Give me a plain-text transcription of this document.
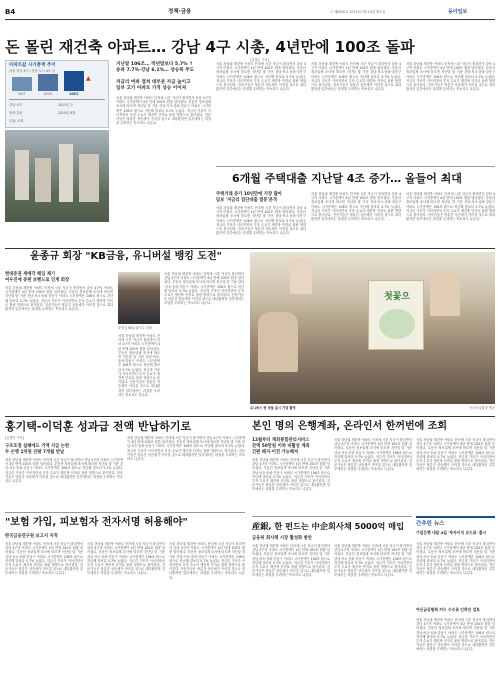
B4	정책·금융	ⓒ 제0000호 2015년 7월 15일 월요일	동아일보
돈 몰린 재건축 아파트… 강남 4구 시총, 4년만에 100조 돌파
[김철수 기자]
아파트값 시가총액 추이
서울 강남 4구 / 강남 도시 4도 등
▲
94조	100조	106조
강남·서초	2015년 초
송파·강동	2015년 6월
단위: 조원
지난달 106조… 작년말보다 5.7% ↑
송파 7.7%·강남 6.1%… 상승폭 주도
저금리 여파 겹쳐 대부분 자금 높이고
일부 고가 아파트 가격 상승 이어져
서울 강남권 재건축 아파트 단지에 시중 자금이 몰리면서 강남 4구의 아파트 시가총액이 4년 만에 100조 원을 넘어섰다. 부동산 정보업체 조사에 따르면 지난달 말 기준 강남·서초·송파·강동구 아파트 시가총액은 106조 원으로 지난해 말보다 5.7% 늘었다. 저금리 기조가 이어지면서 투자 수요가 재건축 단지로 몰린 영향으로 풀이된다. 전문가들은 당분간 상승세가 이어질 것으로 내다봤지만 일부에서는 과열을 우려하는 목소리도 나온다.
서울 강남권 재건축 아파트 단지에 시중 자금이 몰리면서 강남 4구의 아파트 시가총액이 4년 만에 100조 원을 넘어섰다. 부동산 정보업체 조사에 따르면 지난달 말 기준 강남·서초·송파·강동구 아파트 시가총액은 106조 원으로 지난해 말보다 5.7% 늘었다. 저금리 기조가 이어지면서 투자 수요가 재건축 단지로 몰린 영향으로 풀이된다. 전문가들은 당분간 상승세가 이어질 것으로 내다봤지만 일부에서는 과열을 우려하는 목소리도 나온다.
서울 강남권 재건축 아파트 단지에 시중 자금이 몰리면서 강남 4구의 아파트 시가총액이 4년 만에 100조 원을 넘어섰다. 부동산 정보업체 조사에 따르면 지난달 말 기준 강남·서초·송파·강동구 아파트 시가총액은 106조 원으로 지난해 말보다 5.7% 늘었다. 저금리 기조가 이어지면서 투자 수요가 재건축 단지로 몰린 영향으로 풀이된다. 전문가들은 당분간 상승세가 이어질 것으로 내다봤지만 일부에서는 과열을 우려하는 목소리도 나온다.
서울 강남권 재건축 아파트 단지에 시중 자금이 몰리면서 강남 4구의 아파트 시가총액이 4년 만에 100조 원을 넘어섰다. 부동산 정보업체 조사에 따르면 지난달 말 기준 강남·서초·송파·강동구 아파트 시가총액은 106조 원으로 지난해 말보다 5.7% 늘었다. 저금리 기조가 이어지면서 투자 수요가 재건축 단지로 몰린 영향으로 풀이된다. 전문가들은 당분간 상승세가 이어질 것으로 내다봤지만 일부에서는 과열을 우려하는 목소리도 나온다.
6개월 주택대출 지난달 4조 증가… 올들어 최대
주택거래 증가 10년만에 가장 많아
담보 '저금리 집단대출 열풍'본격
서울 강남권 재건축 아파트 단지에 시중 자금이 몰리면서 강남 4구의 아파트 시가총액이 4년 만에 100조 원을 넘어섰다. 부동산 정보업체 조사에 따르면 지난달 말 기준 강남·서초·송파·강동구 아파트 시가총액은 106조 원으로 지난해 말보다 5.7% 늘었다. 저금리 기조가 이어지면서 투자 수요가 재건축 단지로 몰린 영향으로 풀이된다. 전문가들은 당분간 상승세가 이어질 것으로 내다봤지만 일부에서는 과열을 우려하는 목소리도 나온다.
서울 강남권 재건축 아파트 단지에 시중 자금이 몰리면서 강남 4구의 아파트 시가총액이 4년 만에 100조 원을 넘어섰다. 부동산 정보업체 조사에 따르면 지난달 말 기준 강남·서초·송파·강동구 아파트 시가총액은 106조 원으로 지난해 말보다 5.7% 늘었다. 저금리 기조가 이어지면서 투자 수요가 재건축 단지로 몰린 영향으로 풀이된다. 전문가들은 당분간 상승세가 이어질 것으로 내다봤지만 일부에서는 과열을 우려하는 목소리도 나온다.
서울 강남권 재건축 아파트 단지에 시중 자금이 몰리면서 강남 4구의 아파트 시가총액이 4년 만에 100조 원을 넘어섰다. 부동산 정보업체 조사에 따르면 지난달 말 기준 강남·서초·송파·강동구 아파트 시가총액은 106조 원으로 지난해 말보다 5.7% 늘었다. 저금리 기조가 이어지면서 투자 수요가 재건축 단지로 몰린 영향으로 풀이된다. 전문가들은 당분간 상승세가 이어질 것으로 내다봤지만 일부에서는 과열을 우려하는 목소리도 나온다.
윤종규 회장 "KB금융, 유니버설 뱅킹 도전"
현대증권 재매각 해임 제기
여우진에 중편 보헨드로 인계 회장
서울 강남권 재건축 아파트 단지에 시중 자금이 몰리면서 강남 4구의 아파트 시가총액이 4년 만에 100조 원을 넘어섰다. 부동산 정보업체 조사에 따르면 지난달 말 기준 강남·서초·송파·강동구 아파트 시가총액은 106조 원으로 지난해 말보다 5.7% 늘었다. 저금리 기조가 이어지면서 투자 수요가 재건축 단지로 몰린 영향으로 풀이된다. 전문가들은 당분간 상승세가 이어질 것으로 내다봤지만 일부에서는 과열을 우려하는 목소리도 나온다.
윤종규 KB금융지주 회장
서울 강남권 재건축 아파트 단지에 시중 자금이 몰리면서 강남 4구의 아파트 시가총액이 4년 만에 100조 원을 넘어섰다. 부동산 정보업체 조사에 따르면 지난달 말 기준 강남·서초·송파·강동구 아파트 시가총액은 106조 원으로 지난해 말보다 5.7% 늘었다. 저금리 기조가 이어지면서 투자 수요가 재건축 단지로 몰린 영향으로 풀이된다. 전문가들은 당분간 상승세가 이어질 것으로 내다봤지만 일부에서는 과열을 우려하는 목소리도 나온다.
서울 강남권 재건축 아파트 단지에 시중 자금이 몰리면서 강남 4구의 아파트 시가총액이 4년 만에 100조 원을 넘어섰다. 부동산 정보업체 조사에 따르면 지난달 말 기준 강남·서초·송파·강동구 아파트 시가총액은 106조 원으로 지난해 말보다 5.7% 늘었다. 저금리 기조가 이어지면서 투자 수요가 재건축 단지로 몰린 영향으로 풀이된다. 전문가들은 당분간 상승세가 이어질 것으로 내다봤지만 일부에서는 과열을 우려하는 목소리도 나온다.
첫꽃으
유니버스 펀 상품 출시 기념 촬영	아시아나항공 제공
홍기택-이덕훈 성과급 전액 반납하기로
[김정민 기자]
구조조정 실패에도 거액 지급 논란
두 은행 1억원 안팎 7개월 반납
서울 강남권 재건축 아파트 단지에 시중 자금이 몰리면서 강남 4구의 아파트 시가총액이 4년 만에 100조 원을 넘어섰다. 부동산 정보업체 조사에 따르면 지난달 말 기준 강남·서초·송파·강동구 아파트 시가총액은 106조 원으로 지난해 말보다 5.7% 늘었다. 저금리 기조가 이어지면서 투자 수요가 재건축 단지로 몰린 영향으로 풀이된다. 전문가들은 당분간 상승세가 이어질 것으로 내다봤지만 일부에서는 과열을 우려하는 목소리도 나온다.
서울 강남권 재건축 아파트 단지에 시중 자금이 몰리면서 강남 4구의 아파트 시가총액이 4년 만에 100조 원을 넘어섰다. 부동산 정보업체 조사에 따르면 지난달 말 기준 강남·서초·송파·강동구 아파트 시가총액은 106조 원으로 지난해 말보다 5.7% 늘었다. 저금리 기조가 이어지면서 투자 수요가 재건축 단지로 몰린 영향으로 풀이된다. 전문가들은 당분간 상승세가 이어질 것으로 내다봤지만 일부에서는 과열을 우려하는 목소리도 나온다.
본인 명의 은행계좌, 온라인서 한꺼번에 조회
12월부터 계좌통합관리서비스
잔액 50만원 이하 비활성 계좌
간편 해지·이전 가능해져
서울 강남권 재건축 아파트 단지에 시중 자금이 몰리면서 강남 4구의 아파트 시가총액이 4년 만에 100조 원을 넘어섰다. 부동산 정보업체 조사에 따르면 지난달 말 기준 강남·서초·송파·강동구 아파트 시가총액은 106조 원으로 지난해 말보다 5.7% 늘었다. 저금리 기조가 이어지면서 투자 수요가 재건축 단지로 몰린 영향으로 풀이된다. 전문가들은 당분간 상승세가 이어질 것으로 내다봤지만 일부에서는 과열을 우려하는 목소리도 나온다.
서울 강남권 재건축 아파트 단지에 시중 자금이 몰리면서 강남 4구의 아파트 시가총액이 4년 만에 100조 원을 넘어섰다. 부동산 정보업체 조사에 따르면 지난달 말 기준 강남·서초·송파·강동구 아파트 시가총액은 106조 원으로 지난해 말보다 5.7% 늘었다. 저금리 기조가 이어지면서 투자 수요가 재건축 단지로 몰린 영향으로 풀이된다. 전문가들은 당분간 상승세가 이어질 것으로 내다봤지만 일부에서는 과열을 우려하는 목소리도 나온다.
서울 강남권 재건축 아파트 단지에 시중 자금이 몰리면서 강남 4구의 아파트 시가총액이 4년 만에 100조 원을 넘어섰다. 부동산 정보업체 조사에 따르면 지난달 말 기준 강남·서초·송파·강동구 아파트 시가총액은 106조 원으로 지난해 말보다 5.7% 늘었다. 저금리 기조가 이어지면서 투자 수요가 재건축 단지로 몰린 영향으로 풀이된다. 전문가들은 당분간 상승세가 이어질 것으로 내다봤지만 일부에서는 과열을 우려하는 목소리도 나온다.
"보험 가입, 피보험자 전자서명 허용해야"
한국금융연구원 보고서 지적
서울 강남권 재건축 아파트 단지에 시중 자금이 몰리면서 강남 4구의 아파트 시가총액이 4년 만에 100조 원을 넘어섰다. 부동산 정보업체 조사에 따르면 지난달 말 기준 강남·서초·송파·강동구 아파트 시가총액은 106조 원으로 지난해 말보다 5.7% 늘었다. 저금리 기조가 이어지면서 투자 수요가 재건축 단지로 몰린 영향으로 풀이된다. 전문가들은 당분간 상승세가 이어질 것으로 내다봤지만 일부에서는 과열을 우려하는 목소리도 나온다.
서울 강남권 재건축 아파트 단지에 시중 자금이 몰리면서 강남 4구의 아파트 시가총액이 4년 만에 100조 원을 넘어섰다. 부동산 정보업체 조사에 따르면 지난달 말 기준 강남·서초·송파·강동구 아파트 시가총액은 106조 원으로 지난해 말보다 5.7% 늘었다. 저금리 기조가 이어지면서 투자 수요가 재건축 단지로 몰린 영향으로 풀이된다. 전문가들은 당분간 상승세가 이어질 것으로 내다봤지만 일부에서는 과열을 우려하는 목소리도 나온다.
서울 강남권 재건축 아파트 단지에 시중 자금이 몰리면서 강남 4구의 아파트 시가총액이 4년 만에 100조 원을 넘어섰다. 부동산 정보업체 조사에 따르면 지난달 말 기준 강남·서초·송파·강동구 아파트 시가총액은 106조 원으로 지난해 말보다 5.7% 늘었다. 저금리 기조가 이어지면서 투자 수요가 재건축 단지로 몰린 영향으로 풀이된다. 전문가들은 당분간 상승세가 이어질 것으로 내다봤지만 일부에서는 과열을 우려하는 목소리도 나온다.
産銀, 한 펀드는 中企회사채 5000억 매입
금융위 회사채 시장 활성화 방안
서울 강남권 재건축 아파트 단지에 시중 자금이 몰리면서 강남 4구의 아파트 시가총액이 4년 만에 100조 원을 넘어섰다. 부동산 정보업체 조사에 따르면 지난달 말 기준 강남·서초·송파·강동구 아파트 시가총액은 106조 원으로 지난해 말보다 5.7% 늘었다. 저금리 기조가 이어지면서 투자 수요가 재건축 단지로 몰린 영향으로 풀이된다. 전문가들은 당분간 상승세가 이어질 것으로 내다봤지만 일부에서는 과열을 우려하는 목소리도 나온다.
서울 강남권 재건축 아파트 단지에 시중 자금이 몰리면서 강남 4구의 아파트 시가총액이 4년 만에 100조 원을 넘어섰다. 부동산 정보업체 조사에 따르면 지난달 말 기준 강남·서초·송파·강동구 아파트 시가총액은 106조 원으로 지난해 말보다 5.7% 늘었다. 저금리 기조가 이어지면서 투자 수요가 재건축 단지로 몰린 영향으로 풀이된다. 전문가들은 당분간 상승세가 이어질 것으로 내다봤지만 일부에서는 과열을 우려하는 목소리도 나온다.
간추린 뉴스
기업은행 내달 4일 '투자이익 코드표' 출시
서울 강남권 재건축 아파트 단지에 시중 자금이 몰리면서 강남 4구의 아파트 시가총액이 4년 만에 100조 원을 넘어섰다. 부동산 정보업체 조사에 따르면 지난달 말 기준 강남·서초·송파·강동구 아파트 시가총액은 106조 원으로 지난해 말보다 5.7% 늘었다. 저금리 기조가 이어지면서 투자 수요가 재건축 단지로 몰린 영향으로 풀이된다. 전문가들은 당분간 상승세가 이어질 것으로 내다봤지만 일부에서는 과열을 우려하는 목소리도 나온다.
여신금융협회 카드 수수료 인하안 검토
서울 강남권 재건축 아파트 단지에 시중 자금이 몰리면서 강남 4구의 아파트 시가총액이 4년 만에 100조 원을 넘어섰다. 부동산 정보업체 조사에 따르면 지난달 말 기준 강남·서초·송파·강동구 아파트 시가총액은 106조 원으로 지난해 말보다 5.7% 늘었다. 저금리 기조가 이어지면서 투자 수요가 재건축 단지로 몰린 영향으로 풀이된다. 전문가들은 당분간 상승세가 이어질 것으로 내다봤지만 일부에서는 과열을 우려하는 목소리도 나온다.
